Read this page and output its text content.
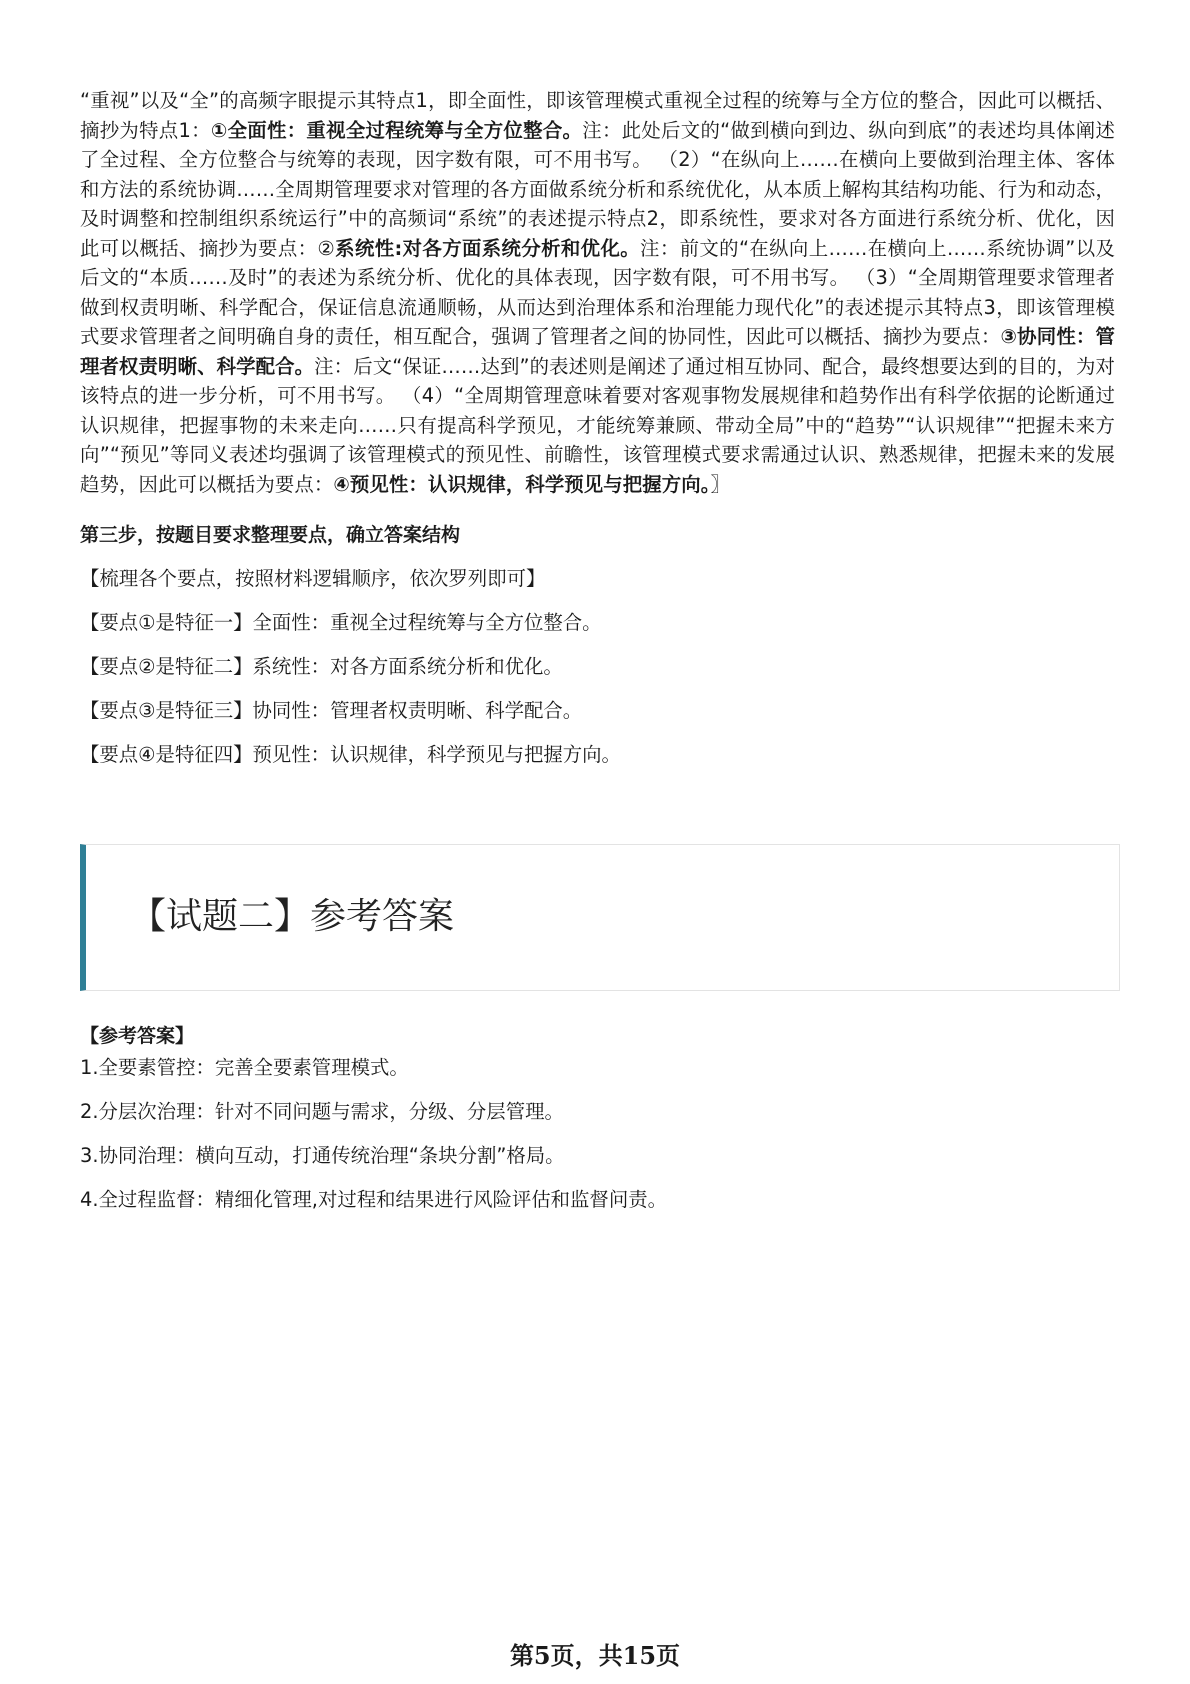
“重视”以及“全”的高频字眼提示其特点1，即全面性，即该管理模式重视全过程的统筹与全方位的整合，因此可以概括、摘抄为特点1：①全面性：重视全过程统筹与全方位整合。注：此处后文的“做到横向到边、纵向到底”的表述均具体阐述了全过程、全方位整合与统筹的表现，因字数有限，可不用书写。 （2）“在纵向上……在横向上要做到治理主体、客体和方法的系统协调……全周期管理要求对管理的各方面做系统分析和系统优化，从本质上解构其结构功能、行为和动态，及时调整和控制组织系统运行”中的高频词“系统”的表述提示特点2，即系统性，要求对各方面进行系统分析、优化，因此可以概括、摘抄为要点：②系统性:对各方面系统分析和优化。注：前文的“在纵向上……在横向上……系统协调”以及后文的“本质……及时”的表述为系统分析、优化的具体表现，因字数有限，可不用书写。 （3）“全周期管理要求管理者做到权责明晰、科学配合，保证信息流通顺畅，从而达到治理体系和治理能力现代化”的表述提示其特点3，即该管理模式要求管理者之间明确自身的责任，相互配合，强调了管理者之间的协同性，因此可以概括、摘抄为要点：③协同性：管理者权责明晰、科学配合。注：后文“保证……达到”的表述则是阐述了通过相互协同、配合，最终想要达到的目的，为对该特点的进一步分析，可不用书写。 （4）“全周期管理意味着要对客观事物发展规律和趋势作出有科学依据的论断通过认识规律，把握事物的未来走向……只有提高科学预见，才能统筹兼顾、带动全局”中的“趋势”“认识规律”“把握未来方向”“预见”等同义表述均强调了该管理模式的预见性、前瞻性，该管理模式要求需通过认识、熟悉规律，把握未来的发展趋势，因此可以概括为要点：④预见性：认识规律，科学预见与把握方向。〗

第三步，按题目要求整理要点，确立答案结构

【梳理各个要点，按照材料逻辑顺序，依次罗列即可】

【要点①是特征一】全面性：重视全过程统筹与全方位整合。

【要点②是特征二】系统性：对各方面系统分析和优化。

【要点③是特征三】协同性：管理者权责明晰、科学配合。

【要点④是特征四】预见性：认识规律，科学预见与把握方向。

【试题二】参考答案

【参考答案】

1.全要素管控：完善全要素管理模式。

2.分层次治理：针对不同问题与需求，分级、分层管理。

3.协同治理：横向互动，打通传统治理“条块分割”格局。

4.全过程监督：精细化管理,对过程和结果进行风险评估和监督问责。

第5页，共15页
